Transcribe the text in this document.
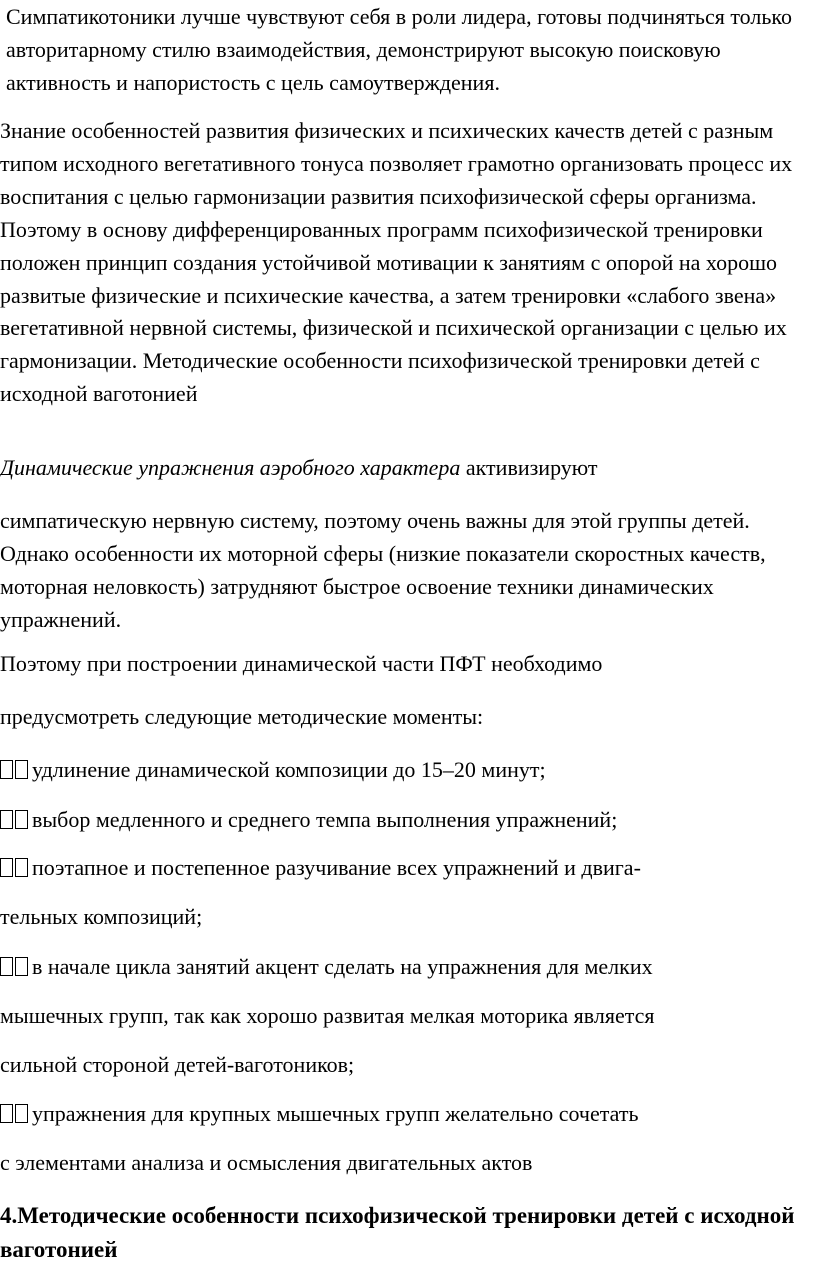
Симпатикотоники лучше чувствуют себя в роли лидера, готовы подчиняться только авторитарному стилю взаимодействия, демонстрируют высокую поисковую активность и напористость с цель самоутверждения.

Знание особенностей развития физических и психических качеств детей с разным типом исходного вегетативного тонуса позволяет грамотно организовать процесс их воспитания с целью гармонизации развития психофизической сферы организма. Поэтому в основу дифференцированных программ психофизической тренировки положен принцип создания устойчивой мотивации к занятиям с опорой на хорошо развитые физические и психические качества, а затем тренировки «слабого звена» вегетативной нервной системы, физической и психической организации с целью их гармонизации. Методические особенности психофизической тренировки детей с исходной ваготонией

Динамические упражнения аэробного характера активизируют

симпатическую нервную систему, поэтому очень важны для этой группы детей. Однако особенности их моторной сферы (низкие показатели скоростных качеств, моторная неловкость) затрудняют быстрое освоение техники динамических упражнений.

Поэтому при построении динамической части ПФТ необходимо

предусмотреть следующие методические моменты:

удлинение динамической композиции до 15–20 минут;

выбор медленного и среднего темпа выполнения упражнений;

поэтапное и постепенное разучивание всех упражнений и двига-

тельных композиций;

в начале цикла занятий акцент сделать на упражнения для мелких

мышечных групп, так как хорошо развитая мелкая моторика является

сильной стороной детей-ваготоников;

упражнения для крупных мышечных групп желательно сочетать

с элементами анализа и осмысления двигательных актов

4.Методические особенности психофизической тренировки детей с исходной ваготонией
